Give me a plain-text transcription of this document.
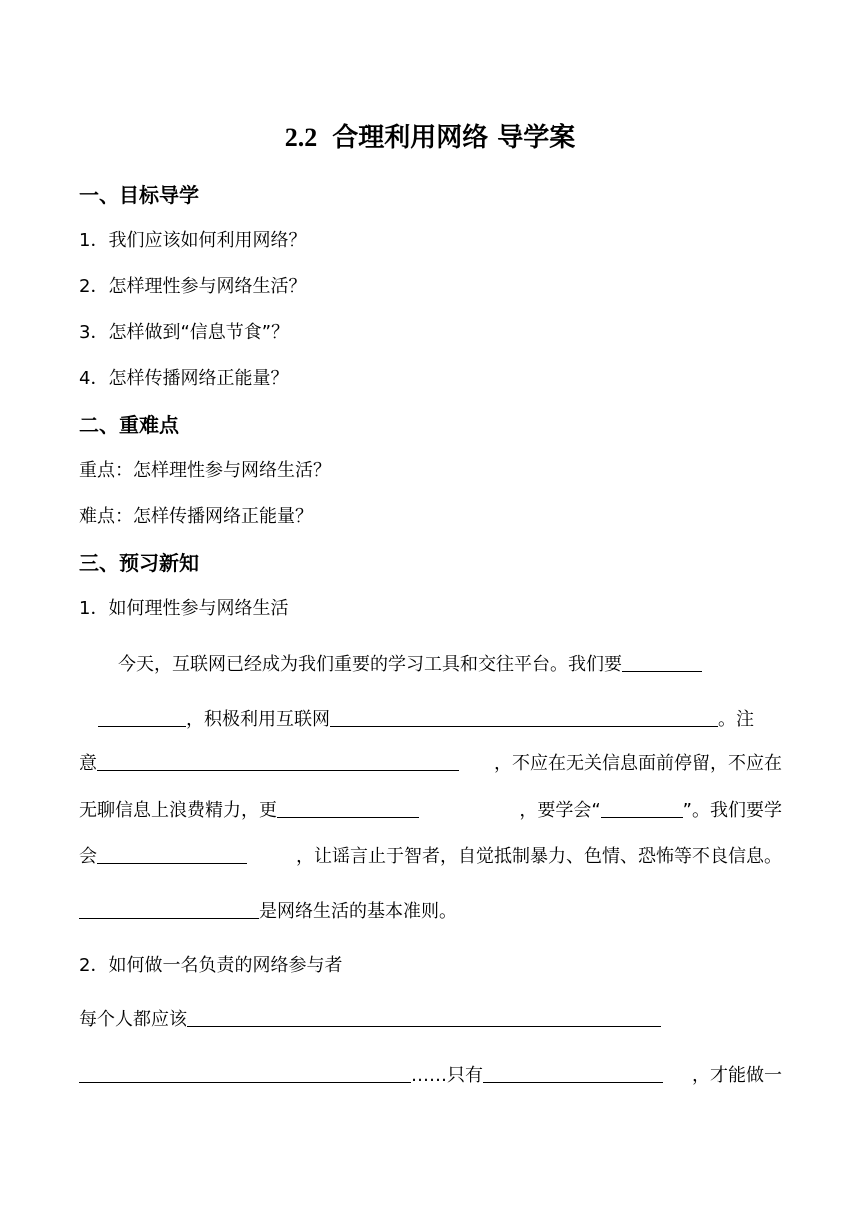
2.2 合理利用网络 导学案
一、目标导学
1．我们应该如何利用网络？
2．怎样理性参与网络生活？
3．怎样做到“信息节食”？
4．怎样传播网络正能量？
二、重难点
重点：怎样理性参与网络生活？
难点：怎样传播网络正能量？
三、预习新知
1．如何理性参与网络生活
今天，互联网已经成为我们重要的学习工具和交往平台。我们要
，积极利用互联网	。注
意	，不应在无关信息面前停留，不应在
无聊信息上浪费精力，更	，要学会“	”。我们要学
会	，让谣言止于智者，自觉抵制暴力、色情、恐怖等不良信息。
是网络生活的基本准则。
2．如何做一名负责的网络参与者
每个人都应该
……只有	，才能做一
